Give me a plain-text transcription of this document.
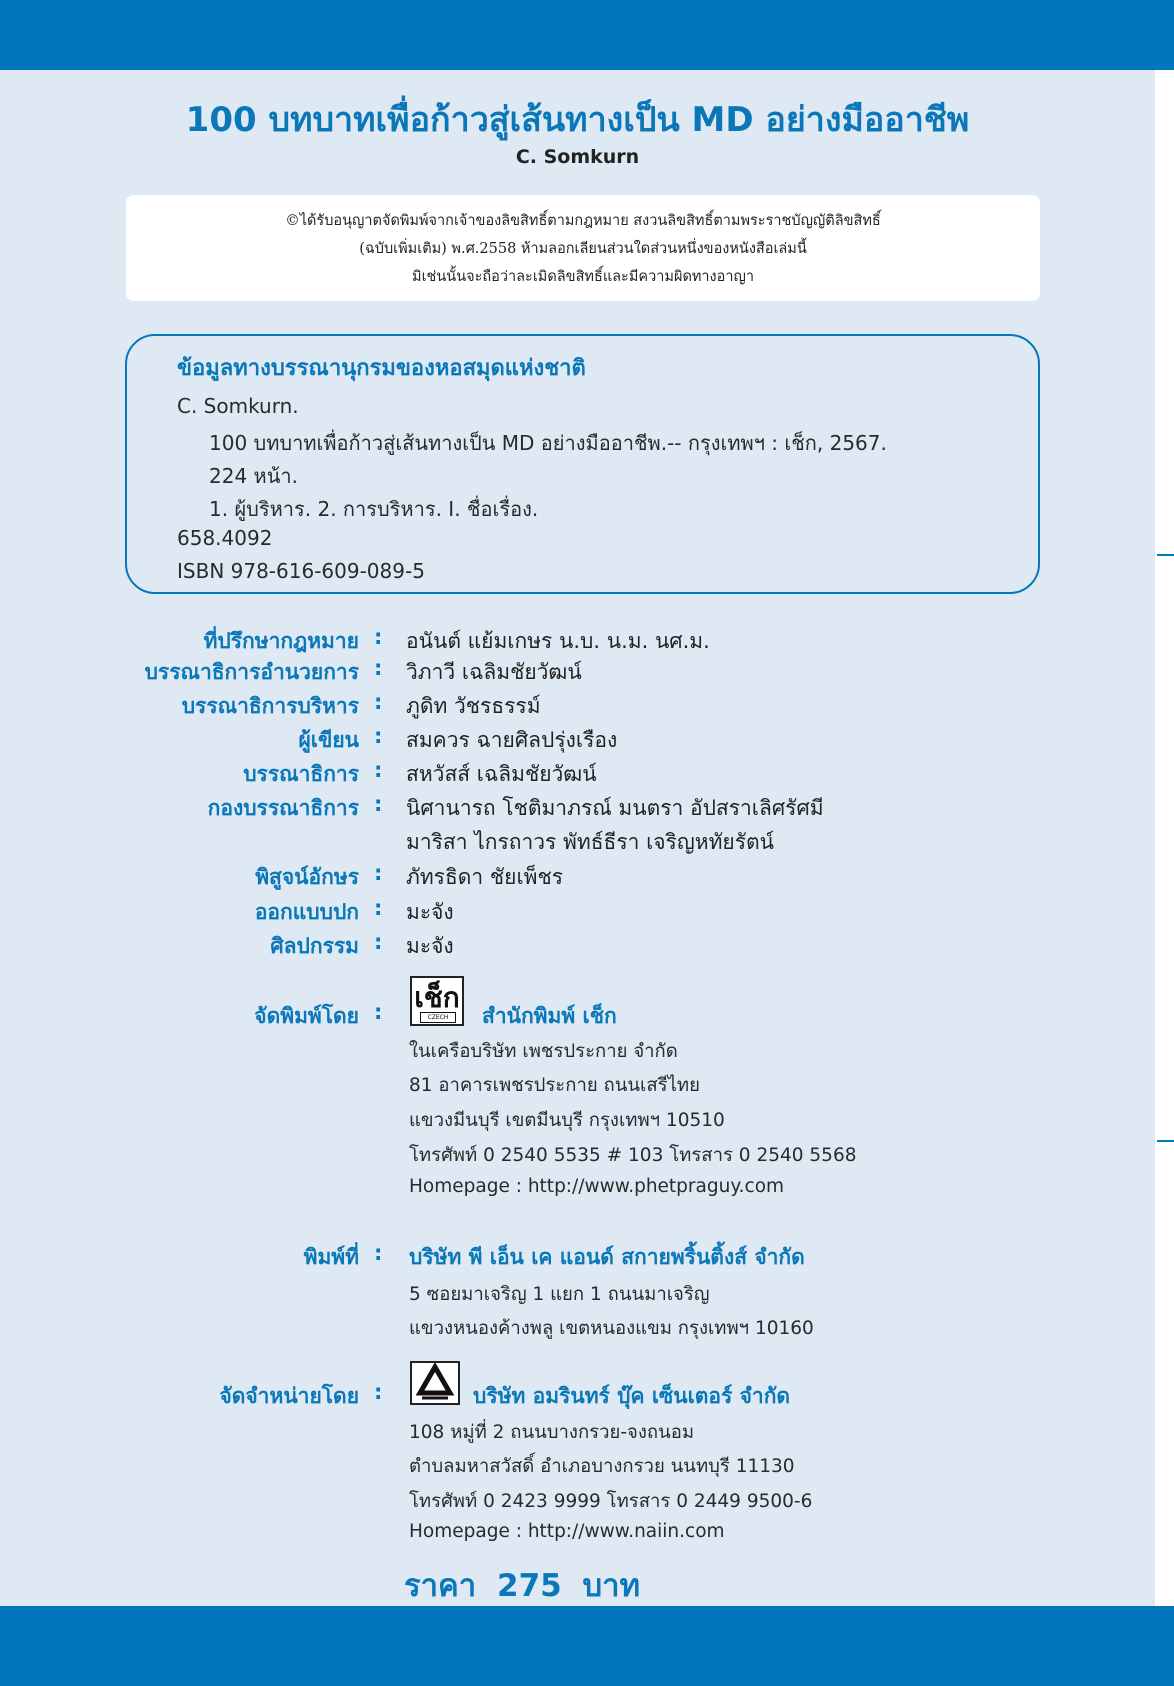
100 บทบาทเพื่อก้าวสู่เส้นทางเป็น MD อย่างมืออาชีพ
C. Somkurn
©ได้รับอนุญาตจัดพิมพ์จากเจ้าของลิขสิทธิ์ตามกฎหมาย สงวนลิขสิทธิ์ตามพระราชบัญญัติลิขสิทธิ์
(ฉบับเพิ่มเติม) พ.ศ.2558 ห้ามลอกเลียนส่วนใดส่วนหนึ่งของหนังสือเล่มนี้
มิเช่นนั้นจะถือว่าละเมิดลิขสิทธิ์และมีความผิดทางอาญา
ข้อมูลทางบรรณานุกรมของหอสมุดแห่งชาติ
C. Somkurn.
100 บทบาทเพื่อก้าวสู่เส้นทางเป็น MD อย่างมืออาชีพ.-- กรุงเทพฯ : เช็ก, 2567.
224 หน้า.
1. ผู้บริหาร. 2. การบริหาร. I. ชื่อเรื่อง.
658.4092
ISBN 978-616-609-089-5
ที่ปรึกษากฎหมาย : อนันต์ แย้มเกษร น.บ. น.ม. นศ.ม.
บรรณาธิการอำนวยการ : วิภาวี เฉลิมชัยวัฒน์
บรรณาธิการบริหาร : ภูดิท วัชรธรรม์
ผู้เขียน : สมควร ฉายศิลปรุ่งเรือง
บรรณาธิการ : สหวัสส์ เฉลิมชัยวัฒน์
กองบรรณาธิการ : นิศานารถ โชติมาภรณ์ มนตรา อัปสราเลิศรัศมี
มาริสา ไกรถาวร พัทธ์ธีรา เจริญหทัยรัตน์
พิสูจน์อักษร : ภัทรธิดา ชัยเพ็ชร
ออกแบบปก : มะจัง
ศิลปกรรม : มะจัง
จัดพิมพ์โดย : เช็ก
CZECH	สำนักพิมพ์ เช็ก
ในเครือบริษัท เพชรประกาย จำกัด
81 อาคารเพชรประกาย ถนนเสรีไทย
แขวงมีนบุรี เขตมีนบุรี กรุงเทพฯ 10510
โทรศัพท์ 0 2540 5535 # 103 โทรสาร 0 2540 5568
Homepage : http://www.phetpraguy.com
พิมพ์ที่ : บริษัท พี เอ็น เค แอนด์ สกายพริ้นติ้งส์ จำกัด
5 ซอยมาเจริญ 1 แยก 1 ถนนมาเจริญ
แขวงหนองค้างพลู เขตหนองแขม กรุงเทพฯ 10160
จัดจำหน่ายโดย :	บริษัท อมรินทร์ บุ๊ค เซ็นเตอร์ จำกัด
108 หมู่ที่ 2 ถนนบางกรวย-จงถนอม
ตำบลมหาสวัสดิ์ อำเภอบางกรวย นนทบุรี 11130
โทรศัพท์ 0 2423 9999 โทรสาร 0 2449 9500-6
Homepage : http://www.naiin.com
ราคา 275 บาท
